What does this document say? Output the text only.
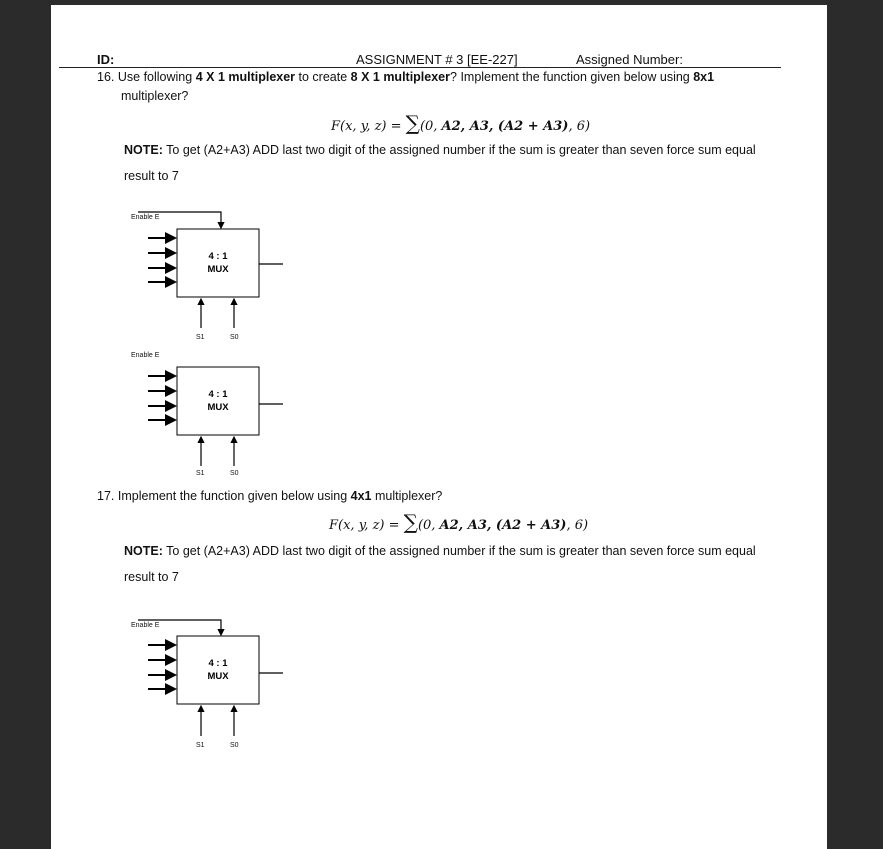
ID:	ASSIGNMENT # 3 [EE-227]	Assigned Number:
16. Use following 4 X 1 multiplexer to create 8 X 1 multiplexer? Implement the function given below using 8x1
multiplexer?
F(x, y, z) = ∑(0, A2, A3, (A2 + A3), 6)
NOTE: To get (A2+A3) ADD last two digit of the assigned number if the sum is greater than seven force sum equal
result to 7
Enable E
4 : 1
MUX
S1	S0
Enable E
4 : 1
MUX
S1	S0
17. Implement the function given below using 4x1 multiplexer?
F(x, y, z) = ∑(0, A2, A3, (A2 + A3), 6)
NOTE: To get (A2+A3) ADD last two digit of the assigned number if the sum is greater than seven force sum equal
result to 7
Enable E
4 : 1
MUX
S1	S0
